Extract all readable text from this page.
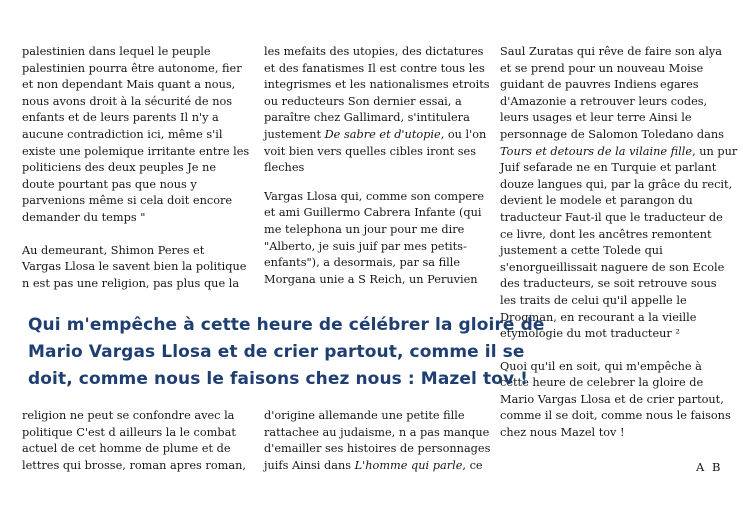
palestinien dans lequel le peuple
palestinien pourra être autonome, fier
et non dependant Mais quant a nous,
nous avons droit à la sécurité de nos
enfants et de leurs parents Il n'y a
aucune contradiction ici, même s'il
existe une polemique irritante entre les
politiciens des deux peuples Je ne
doute pourtant pas que nous y
parvenions même si cela doit encore
demander du temps "
Au demeurant, Shimon Peres et
Vargas Llosa le savent bien la politique
n est pas une religion, pas plus que la
religion ne peut se confondre avec la
politique C'est d ailleurs la le combat
actuel de cet homme de plume et de
lettres qui brosse, roman apres roman,
les mefaits des utopies, des dictatures
et des fanatismes Il est contre tous les
integrismes et les nationalismes etroits
ou reducteurs Son dernier essai, a
paraître chez Gallimard, s'intitulera
justement De sabre et d'utopie, ou l'on
voit bien vers quelles cibles iront ses
fleches
Vargas Llosa qui, comme son compere
et ami Guillermo Cabrera Infante (qui
me telephona un jour pour me dire
"Alberto, je suis juif par mes petits-
enfants"), a desormais, par sa fille
Morgana unie a S Reich, un Peruvien
d'origine allemande une petite fille
rattachee au judaisme, n a pas manque
d'emailler ses histoires de personnages
juifs Ainsi dans L'homme qui parle, ce
Saul Zuratas qui rêve de faire son alya
et se prend pour un nouveau Moise
guidant de pauvres Indiens egares
d'Amazonie a retrouver leurs codes,
leurs usages et leur terre Ainsi le
personnage de Salomon Toledano dans
Tours et detours de la vilaine fille, un pur
Juif sefarade ne en Turquie et parlant
douze langues qui, par la grâce du recit,
devient le modele et parangon du
traducteur Faut-il que le traducteur de
ce livre, dont les ancêtres remontent
justement a cette Tolede qui
s'enorgueillissait naguere de son Ecole
des traducteurs, se soit retrouve sous
les traits de celui qu'il appelle le
Drogman, en recourant a la vieille
etymologie du mot traducteur ²
Quoi qu'il en soit, qui m'empêche à
cette heure de celebrer la gloire de
Mario Vargas Llosa et de crier partout,
comme il se doit, comme nous le faisons
chez nous Mazel tov !
Qui m'empêche à cette heure de célébrer la gloire de
Mario Vargas Llosa et de crier partout, comme il se
doit, comme nous le faisons chez nous : Mazel tov !
A B
